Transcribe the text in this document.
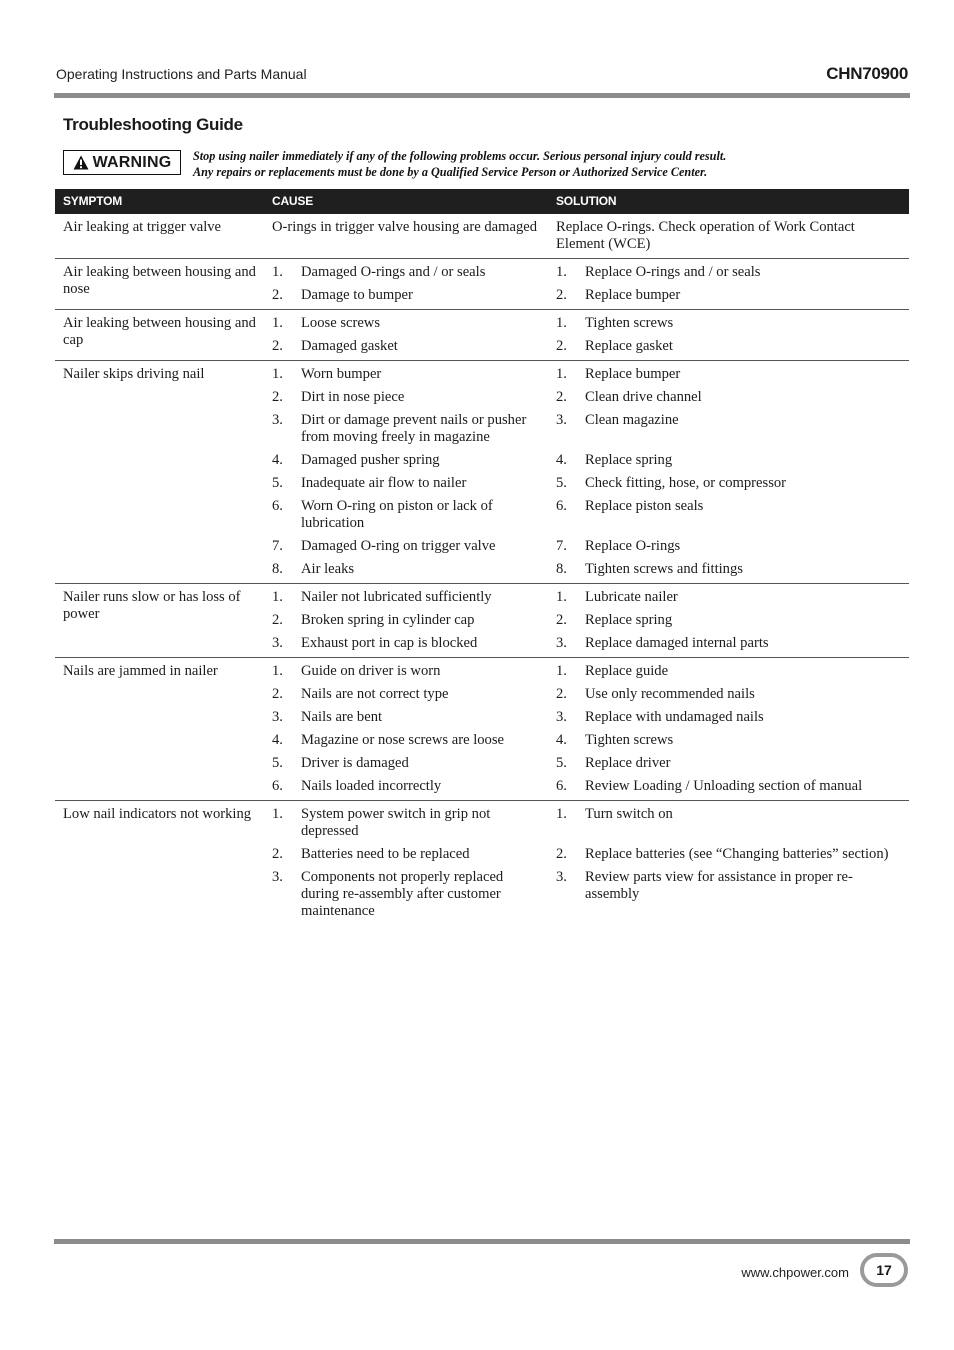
Operating Instructions and Parts Manual	CHN70900
Troubleshooting Guide
WARNING Stop using nailer immediately if any of the following problems occur. Serious personal injury could result.
Any repairs or replacements must be done by a Qualified Service Person or Authorized Service Center.
SYMPTOM	CAUSE		SOLUTION	
Air leaking at trigger valve	O-rings in trigger valve housing are damaged		Replace O-rings. Check operation of Work Contact Element (WCE)	
Air leaking between housing and nose	1.	Damaged O-rings and / or seals	1.	Replace O-rings and / or seals
	2.	Damage to bumper	2.	Replace bumper
Air leaking between housing and cap	1.	Loose screws	1.	Tighten screws
	2.	Damaged gasket	2.	Replace gasket
Nailer skips driving nail	1.	Worn bumper	1.	Replace bumper
	2.	Dirt in nose piece	2.	Clean drive channel
	3.	Dirt or damage prevent nails or pusher from moving freely in magazine	3.	Clean magazine
	4.	Damaged pusher spring	4.	Replace spring
	5.	Inadequate air flow to nailer	5.	Check fitting, hose, or compressor
	6.	Worn O-ring on piston or lack of lubrication	6.	Replace piston seals
	7.	Damaged O-ring on trigger valve	7.	Replace O-rings
	8.	Air leaks	8.	Tighten screws and fittings
Nailer runs slow or has loss of power	1.	Nailer not lubricated sufficiently	1.	Lubricate nailer
	2.	Broken spring in cylinder cap	2.	Replace spring
	3.	Exhaust port in cap is blocked	3.	Replace damaged internal parts
Nails are jammed in nailer	1.	Guide on driver is worn	1.	Replace guide
	2.	Nails are not correct type	2.	Use only recommended nails
	3.	Nails are bent	3.	Replace with undamaged nails
	4.	Magazine or nose screws are loose	4.	Tighten screws
	5.	Driver is damaged	5.	Replace driver
	6.	Nails loaded incorrectly	6.	Review Loading / Unloading section of manual
Low nail indicators not working	1.	System power switch in grip not depressed	1.	Turn switch on
	2.	Batteries need to be replaced	2.	Replace batteries (see “Changing batteries” section)
	3.	Components not properly replaced during re-assembly after customer maintenance	3.	Review parts view for assistance in proper re-assembly
www.chpower.com	17
